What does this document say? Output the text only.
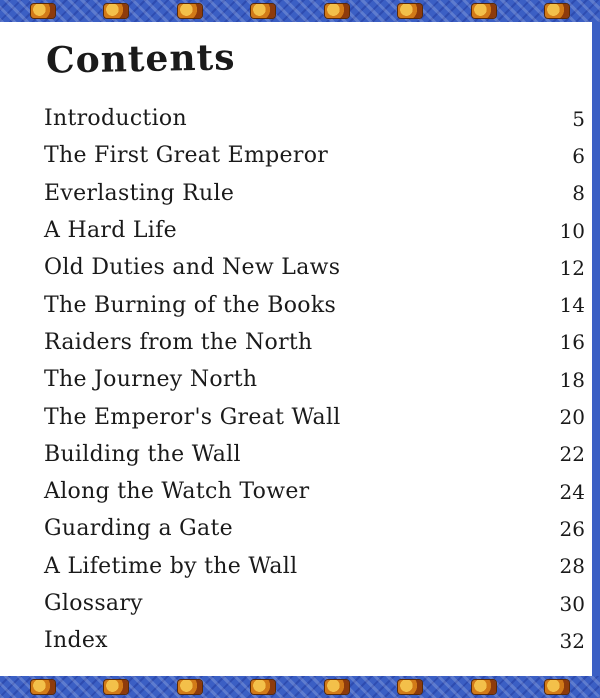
Contents
Introduction	5
The First Great Emperor	6
Everlasting Rule	8
A Hard Life	10
Old Duties and New Laws	12
The Burning of the Books	14
Raiders from the North	16
The Journey North	18
The Emperor's Great Wall	20
Building the Wall	22
Along the Watch Tower	24
Guarding a Gate	26
A Lifetime by the Wall	28
Glossary	30
Index	32
